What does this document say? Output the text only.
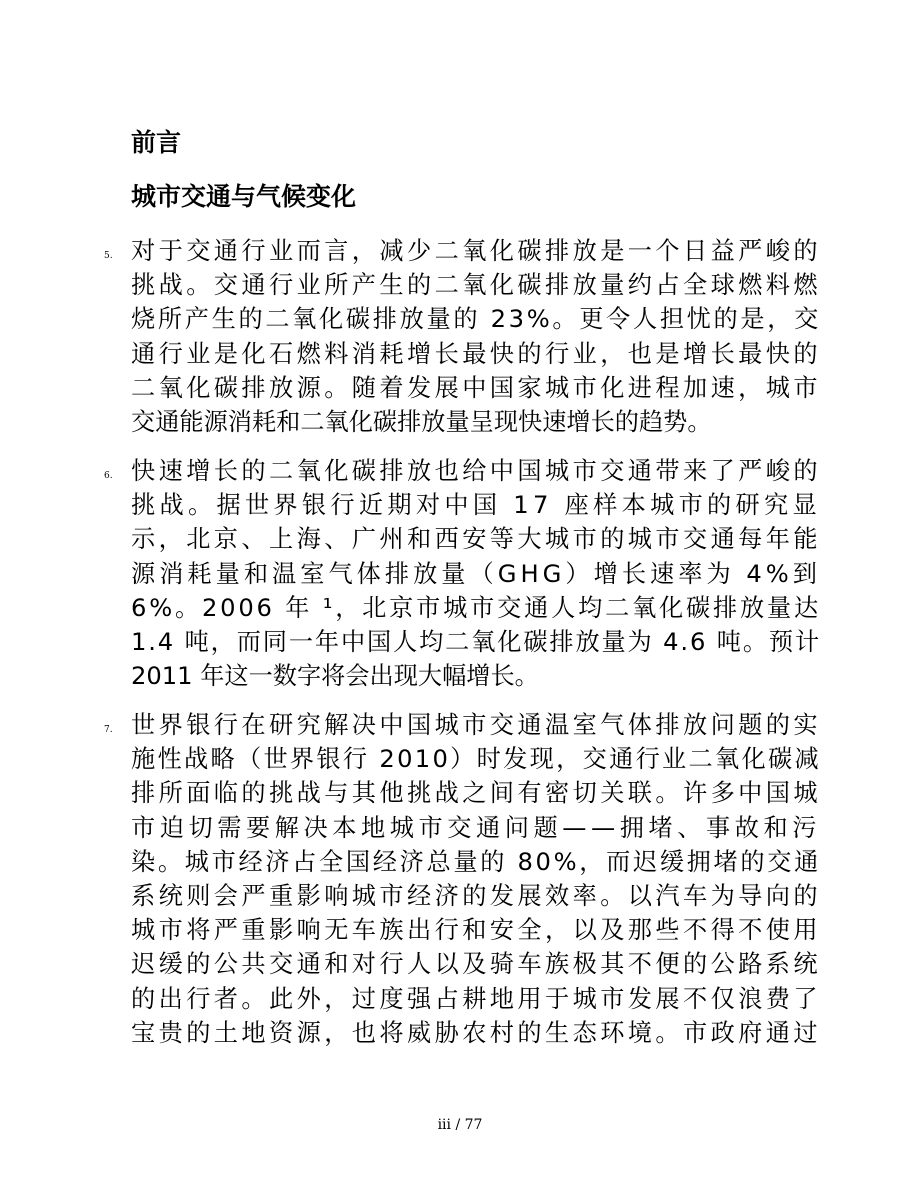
前言
城市交通与气候变化
5. 对于交通行业而言，减少二氧化碳排放是一个日益严峻的
挑战。交通行业所产生的二氧化碳排放量约占全球燃料燃
烧所产生的二氧化碳排放量的 23%。更令人担忧的是，交
通行业是化石燃料消耗增长最快的行业，也是增长最快的
二氧化碳排放源。随着发展中国家城市化进程加速，城市
交通能源消耗和二氧化碳排放量呈现快速增长的趋势。
6. 快速增长的二氧化碳排放也给中国城市交通带来了严峻的
挑战。据世界银行近期对中国 17 座样本城市的研究显
示，北京、上海、广州和西安等大城市的城市交通每年能
源消耗量和温室气体排放量（GHG）增长速率为 4%到
6%。2006 年 ¹，北京市城市交通人均二氧化碳排放量达
1.4 吨，而同一年中国人均二氧化碳排放量为 4.6 吨。预计
2011 年这一数字将会出现大幅增长。
7. 世界银行在研究解决中国城市交通温室气体排放问题的实
施性战略（世界银行 2010）时发现，交通行业二氧化碳减
排所面临的挑战与其他挑战之间有密切关联。许多中国城
市迫切需要解决本地城市交通问题——拥堵、事故和污
染。城市经济占全国经济总量的 80%，而迟缓拥堵的交通
系统则会严重影响城市经济的发展效率。以汽车为导向的
城市将严重影响无车族出行和安全，以及那些不得不使用
迟缓的公共交通和对行人以及骑车族极其不便的公路系统
的出行者。此外，过度强占耕地用于城市发展不仅浪费了
宝贵的土地资源，也将威胁农村的生态环境。市政府通过
iii / 77
